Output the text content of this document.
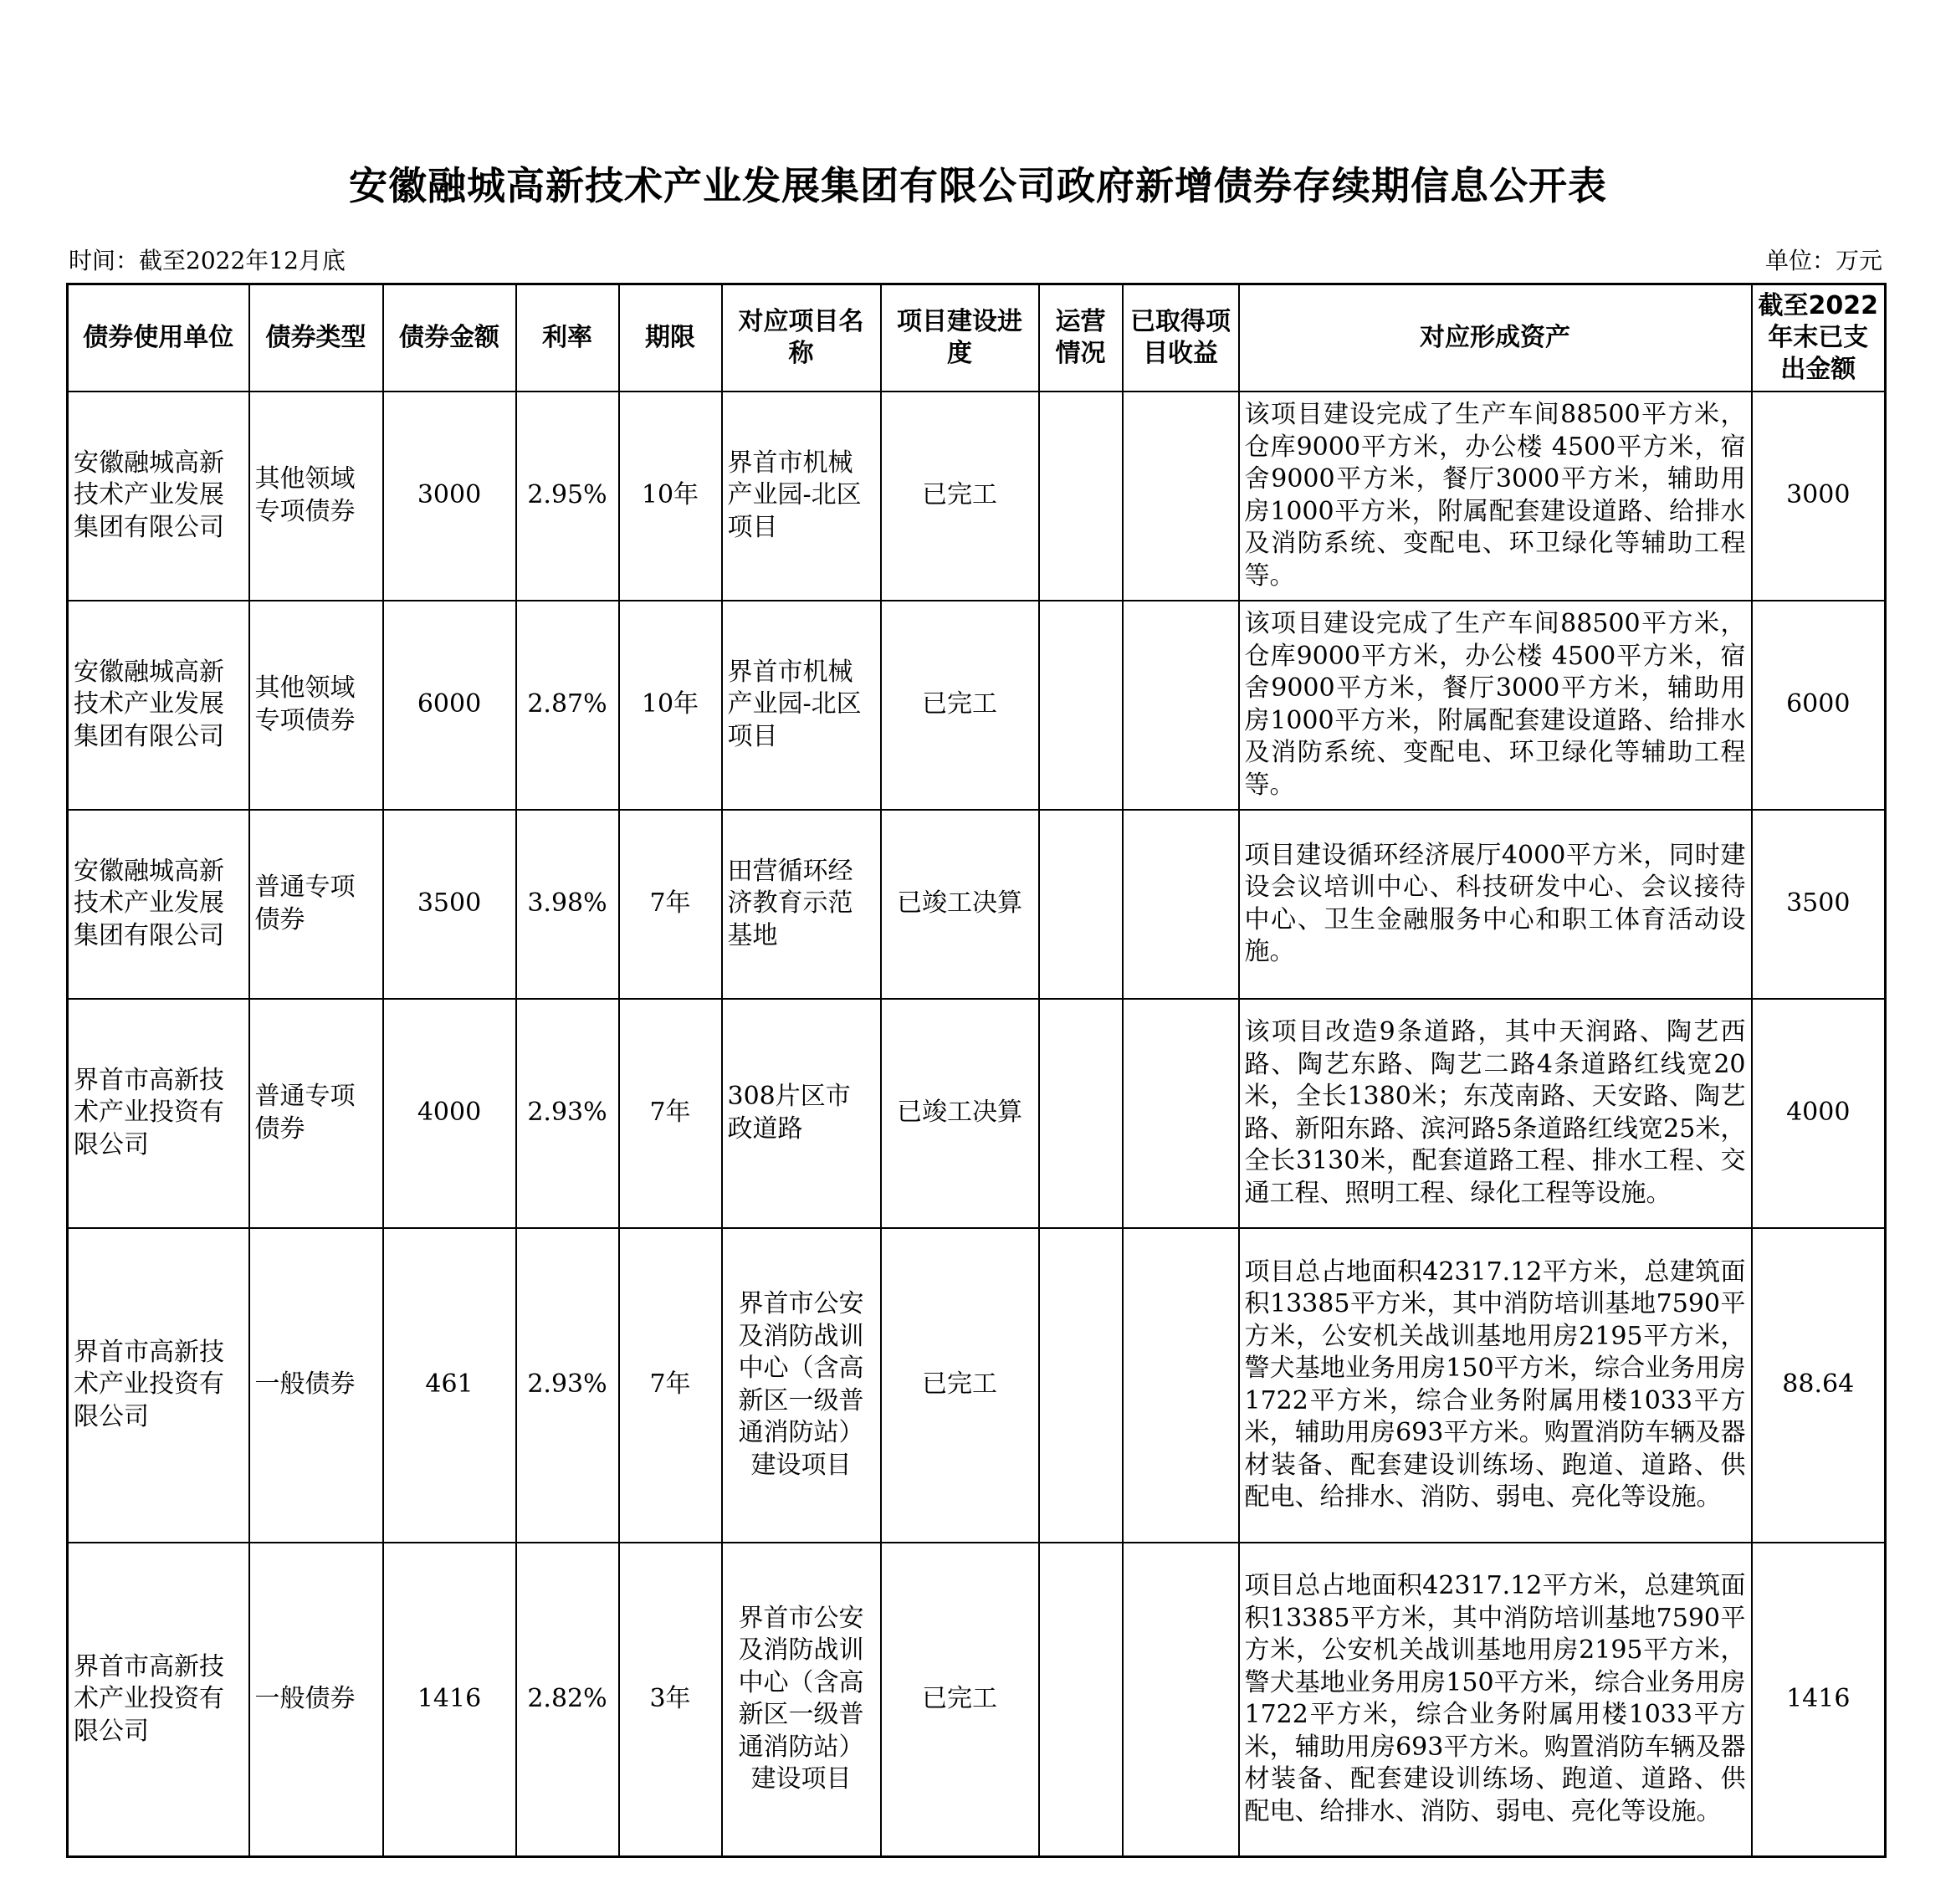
安徽融城高新技术产业发展集团有限公司政府新增债券存续期信息公开表
时间：截至2022年12月底	单位：万元
债券使用单位	债券类型	债券金额	利率	期限	对应项目名称	项目建设进度	运营情况	已取得项目收益	对应形成资产	截至2022年末已支出金额
安徽融城高新技术产业发展集团有限公司	其他领域专项债券	3000	2.95%	10年	界首市机械产业园-北区项目	已完工			该项目建设完成了生产车间88500平方米，仓库9000平方米，办公楼 4500平方米，宿舍9000平方米，餐厅3000平方米，辅助用房1000平方米，附属配套建设道路、给排水及消防系统、变配电、环卫绿化等辅助工程等。	3000
安徽融城高新技术产业发展集团有限公司	其他领域专项债券	6000	2.87%	10年	界首市机械产业园-北区项目	已完工			该项目建设完成了生产车间88500平方米，仓库9000平方米，办公楼 4500平方米，宿舍9000平方米，餐厅3000平方米，辅助用房1000平方米，附属配套建设道路、给排水及消防系统、变配电、环卫绿化等辅助工程等。	6000
安徽融城高新技术产业发展集团有限公司	普通专项债券	3500	3.98%	7年	田营循环经济教育示范基地	已竣工决算			项目建设循环经济展厅4000平方米，同时建设会议培训中心、科技研发中心、会议接待中心、卫生金融服务中心和职工体育活动设施。	3500
界首市高新技术产业投资有限公司	普通专项债券	4000	2.93%	7年	308片区市政道路	已竣工决算			该项目改造9条道路，其中天润路、陶艺西路、陶艺东路、陶艺二路4条道路红线宽20米，全长1380米；东茂南路、天安路、陶艺路、新阳东路、滨河路5条道路红线宽25米，全长3130米，配套道路工程、排水工程、交通工程、照明工程、绿化工程等设施。	4000
界首市高新技术产业投资有限公司	一般债券	461	2.93%	7年	界首市公安及消防战训中心（含高新区一级普通消防站）建设项目	已完工			项目总占地面积42317.12平方米，总建筑面积13385平方米，其中消防培训基地7590平方米，公安机关战训基地用房2195平方米，警犬基地业务用房150平方米，综合业务用房1722平方米，综合业务附属用楼1033平方米，辅助用房693平方米。购置消防车辆及器材装备、配套建设训练场、跑道、道路、供配电、给排水、消防、弱电、亮化等设施。	88.64
界首市高新技术产业投资有限公司	一般债券	1416	2.82%	3年	界首市公安及消防战训中心（含高新区一级普通消防站）建设项目	已完工			项目总占地面积42317.12平方米，总建筑面积13385平方米，其中消防培训基地7590平方米，公安机关战训基地用房2195平方米，警犬基地业务用房150平方米，综合业务用房1722平方米，综合业务附属用楼1033平方米，辅助用房693平方米。购置消防车辆及器材装备、配套建设训练场、跑道、道路、供配电、给排水、消防、弱电、亮化等设施。	1416
